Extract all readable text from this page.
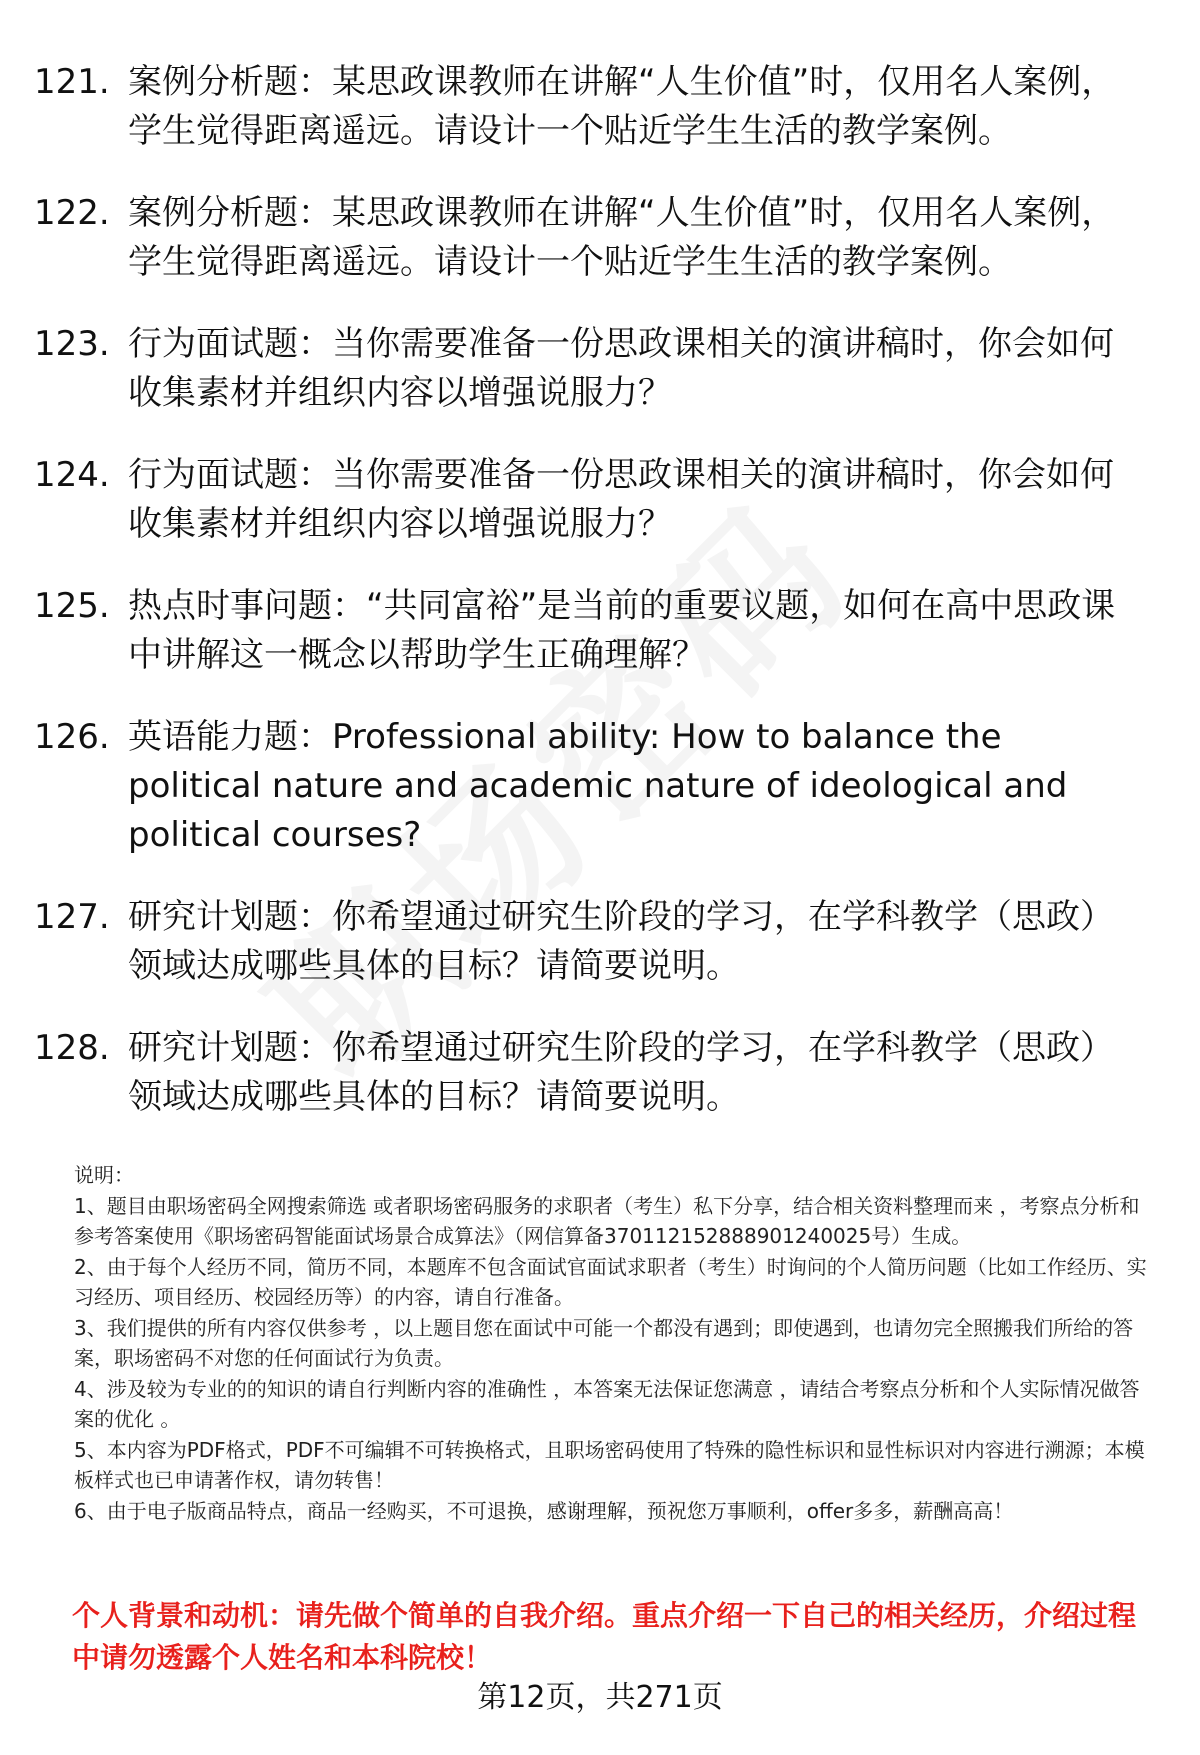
121. 案例分析题：某思政课教师在讲解“人生价值”时，仅用名人案例，学生觉得距离遥远。请设计一个贴近学生生活的教学案例。
122. 案例分析题：某思政课教师在讲解“人生价值”时，仅用名人案例，学生觉得距离遥远。请设计一个贴近学生生活的教学案例。
123. 行为面试题：当你需要准备一份思政课相关的演讲稿时，你会如何收集素材并组织内容以增强说服力？
124. 行为面试题：当你需要准备一份思政课相关的演讲稿时，你会如何收集素材并组织内容以增强说服力？
125. 热点时事问题：“共同富裕”是当前的重要议题，如何在高中思政课中讲解这一概念以帮助学生正确理解？
126. 英语能力题：Professional ability: How to balance the political nature and academic nature of ideological and political courses?
127. 研究计划题：你希望通过研究生阶段的学习，在学科教学（思政）领域达成哪些具体的目标？请简要说明。
128. 研究计划题：你希望通过研究生阶段的学习，在学科教学（思政）领域达成哪些具体的目标？请简要说明。

说明：

1、题目由职场密码全网搜索筛选 或者职场密码服务的求职者（考生）私下分享，结合相关资料整理而来 ，考察点分析和参考答案使用《职场密码智能面试场景合成算法》（网信算备370112152888901240025号）生成。

2、由于每个人经历不同，简历不同，本题库不包含面试官面试求职者（考生）时询问的个人简历问题（比如工作经历、实习经历、项目经历、校园经历等）的内容，请自行准备。

3、我们提供的所有内容仅供参考 ，以上题目您在面试中可能一个都没有遇到；即使遇到，也请勿完全照搬我们所给的答案，职场密码不对您的任何面试行为负责。

4、涉及较为专业的的知识的请自行判断内容的准确性 ，本答案无法保证您满意 ，请结合考察点分析和个人实际情况做答案的优化 。

5、本内容为PDF格式，PDF不可编辑不可转换格式，且职场密码使用了特殊的隐性标识和显性标识对内容进行溯源；本模板样式也已申请著作权，请勿转售！

6、由于电子版商品特点，商品一经购买，不可退换，感谢理解，预祝您万事顺利，offer多多，薪酬高高！

个人背景和动机：请先做个简单的自我介绍。重点介绍一下自己的相关经历，介绍过程中请勿透露个人姓名和本科院校！
第12页，共271页
